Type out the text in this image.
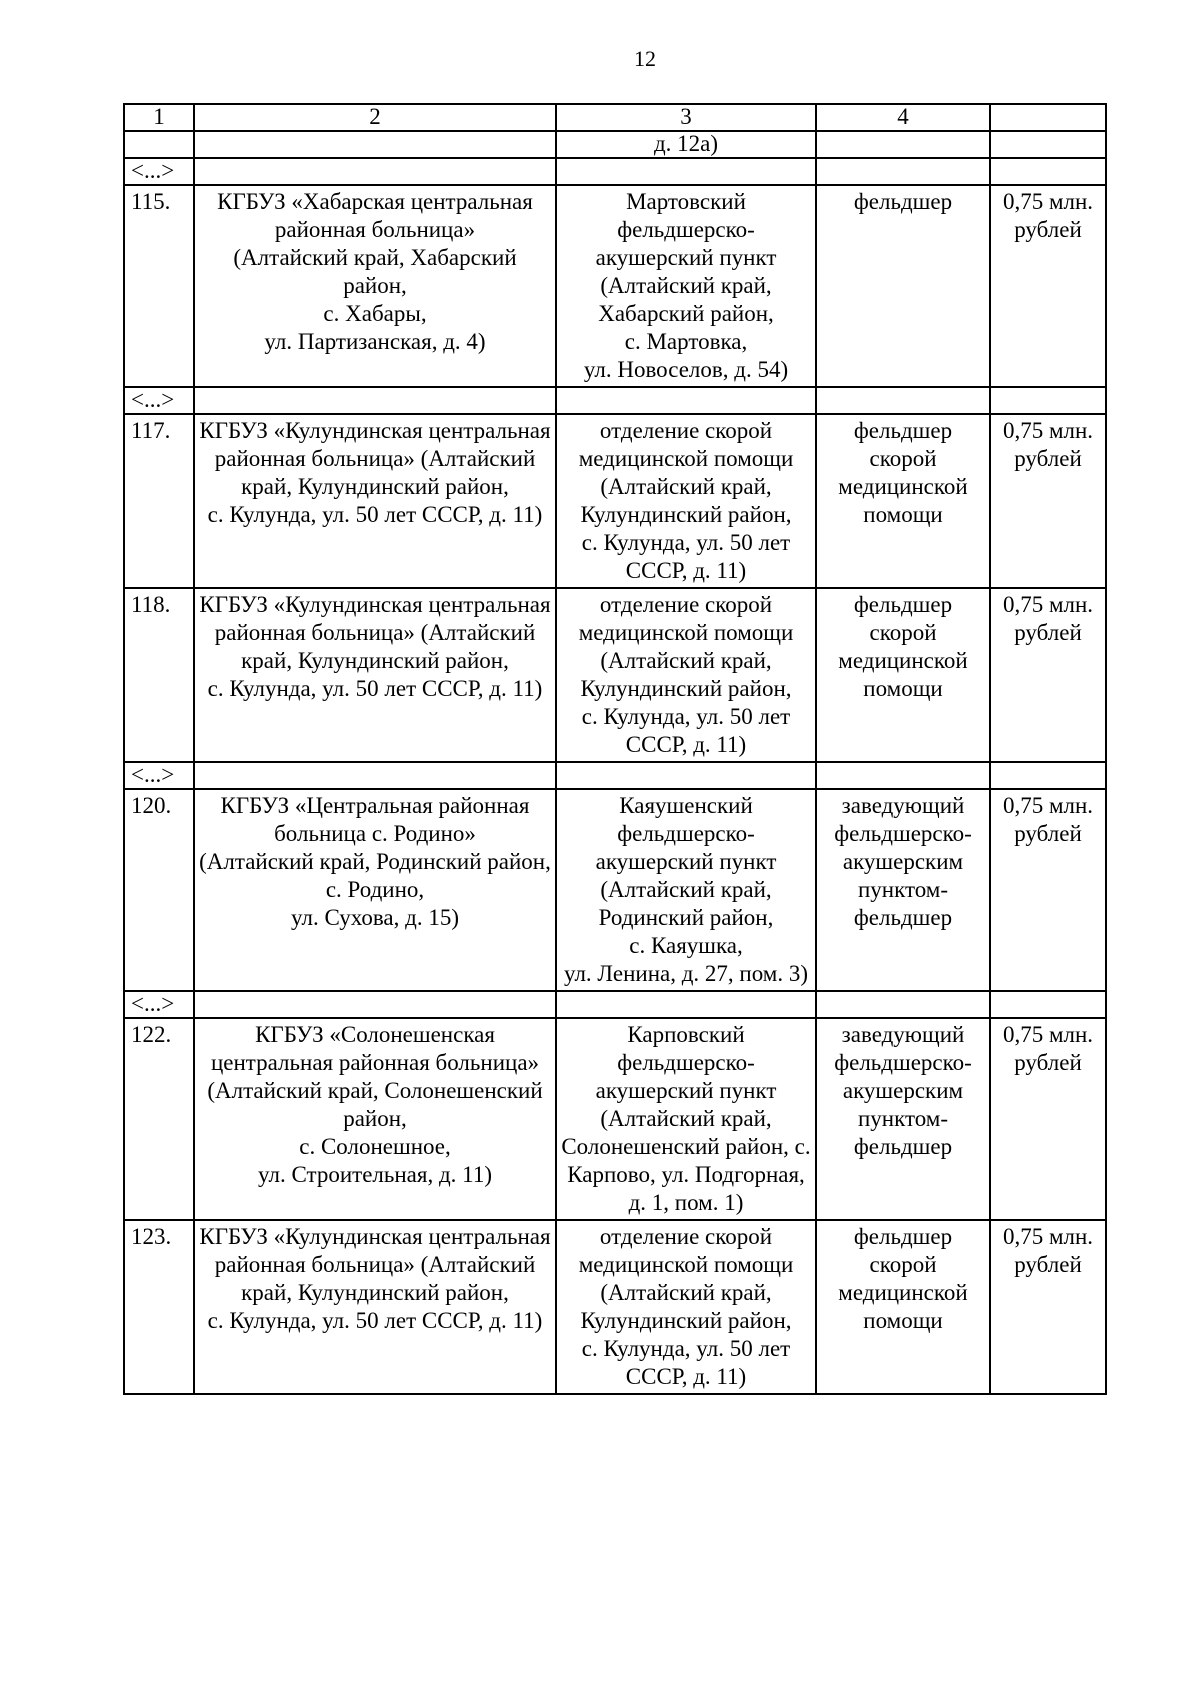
12
1	2	3	4	
		д. 12а)		
<...>				
115.	КГБУЗ «Хабарская центральная районная больница»
(Алтайский край, Хабарский район,
с. Хабары,
ул. Партизанская, д. 4)	Мартовский фельдшерско-акушерский пункт
(Алтайский край, Хабарский район,
с. Мартовка,
ул. Новоселов, д. 54)	фельдшер	0,75 млн. рублей
<...>				
117.	КГБУЗ «Кулундинская центральная районная больница» (Алтайский край, Кулундинский район,
с. Кулунда, ул. 50 лет СССР, д. 11)	отделение скорой медицинской помощи (Алтайский край, Кулундинский район,
с. Кулунда, ул. 50 лет СССР, д. 11)	фельдшер скорой медицинской помощи	0,75 млн. рублей
118.	КГБУЗ «Кулундинская центральная районная больница» (Алтайский край, Кулундинский район,
с. Кулунда, ул. 50 лет СССР, д. 11)	отделение скорой медицинской помощи (Алтайский край, Кулундинский район,
с. Кулунда, ул. 50 лет СССР, д. 11)	фельдшер скорой медицинской помощи	0,75 млн. рублей
<...>				
120.	КГБУЗ «Центральная районная больница с. Родино»
(Алтайский край, Родинский район,
с. Родино,
ул. Сухова, д. 15)	Каяушенский фельдшерско-акушерский пункт
(Алтайский край, Родинский район,
с. Каяушка,
ул. Ленина, д. 27, пом. 3)	заведующий фельдшерско-акушерским пунктом-фельдшер	0,75 млн. рублей
<...>				
122.	КГБУЗ «Солонешенская центральная районная больница» (Алтайский край, Солонешенский район,
с. Солонешное,
ул. Строительная, д. 11)	Карповский фельдшерско-акушерский пункт
(Алтайский край, Солонешенский район, с. Карпово, ул. Подгорная, д. 1, пом. 1)	заведующий фельдшерско-акушерским пунктом-фельдшер	0,75 млн. рублей
123.	КГБУЗ «Кулундинская центральная районная больница» (Алтайский край, Кулундинский район,
с. Кулунда, ул. 50 лет СССР, д. 11)	отделение скорой медицинской помощи
(Алтайский край, Кулундинский район,
с. Кулунда, ул. 50 лет СССР, д. 11)	фельдшер скорой медицинской помощи	0,75 млн. рублей
